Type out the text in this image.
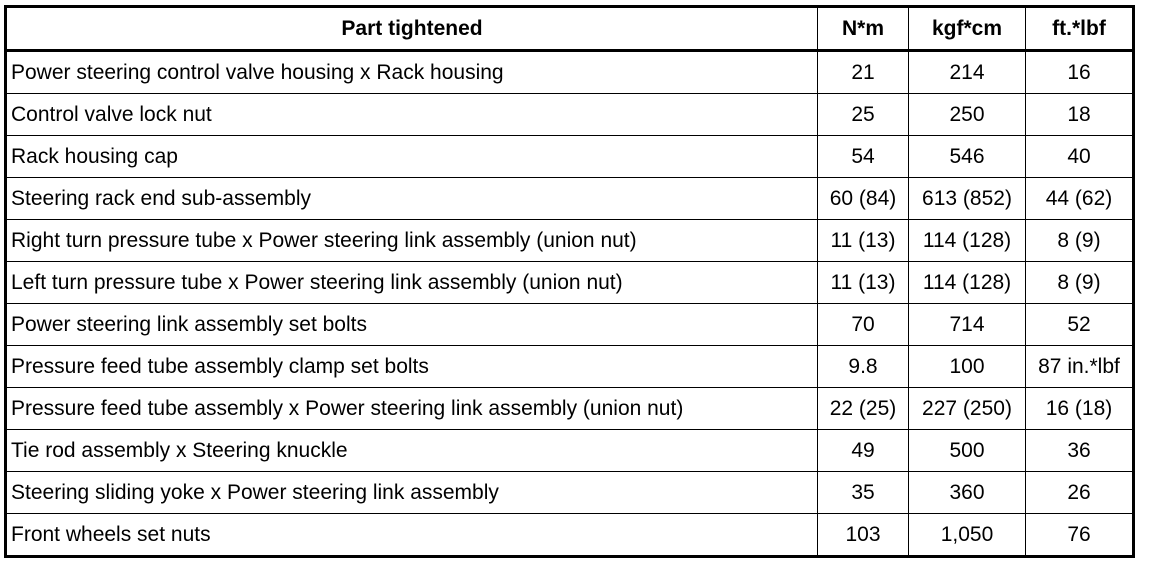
Part tightened	N*m	kgf*cm	ft.*lbf
Power steering control valve housing x Rack housing	21	214	16
Control valve lock nut	25	250	18
Rack housing cap	54	546	40
Steering rack end sub-assembly	60 (84)	613 (852)	44 (62)
Right turn pressure tube x Power steering link assembly (union nut)	11 (13)	114 (128)	8 (9)
Left turn pressure tube x Power steering link assembly (union nut)	11 (13)	114 (128)	8 (9)
Power steering link assembly set bolts	70	714	52
Pressure feed tube assembly clamp set bolts	9.8	100	87 in.*lbf
Pressure feed tube assembly x Power steering link assembly (union nut)	22 (25)	227 (250)	16 (18)
Tie rod assembly x Steering knuckle	49	500	36
Steering sliding yoke x Power steering link assembly	35	360	26
Front wheels set nuts	103	1,050	76
